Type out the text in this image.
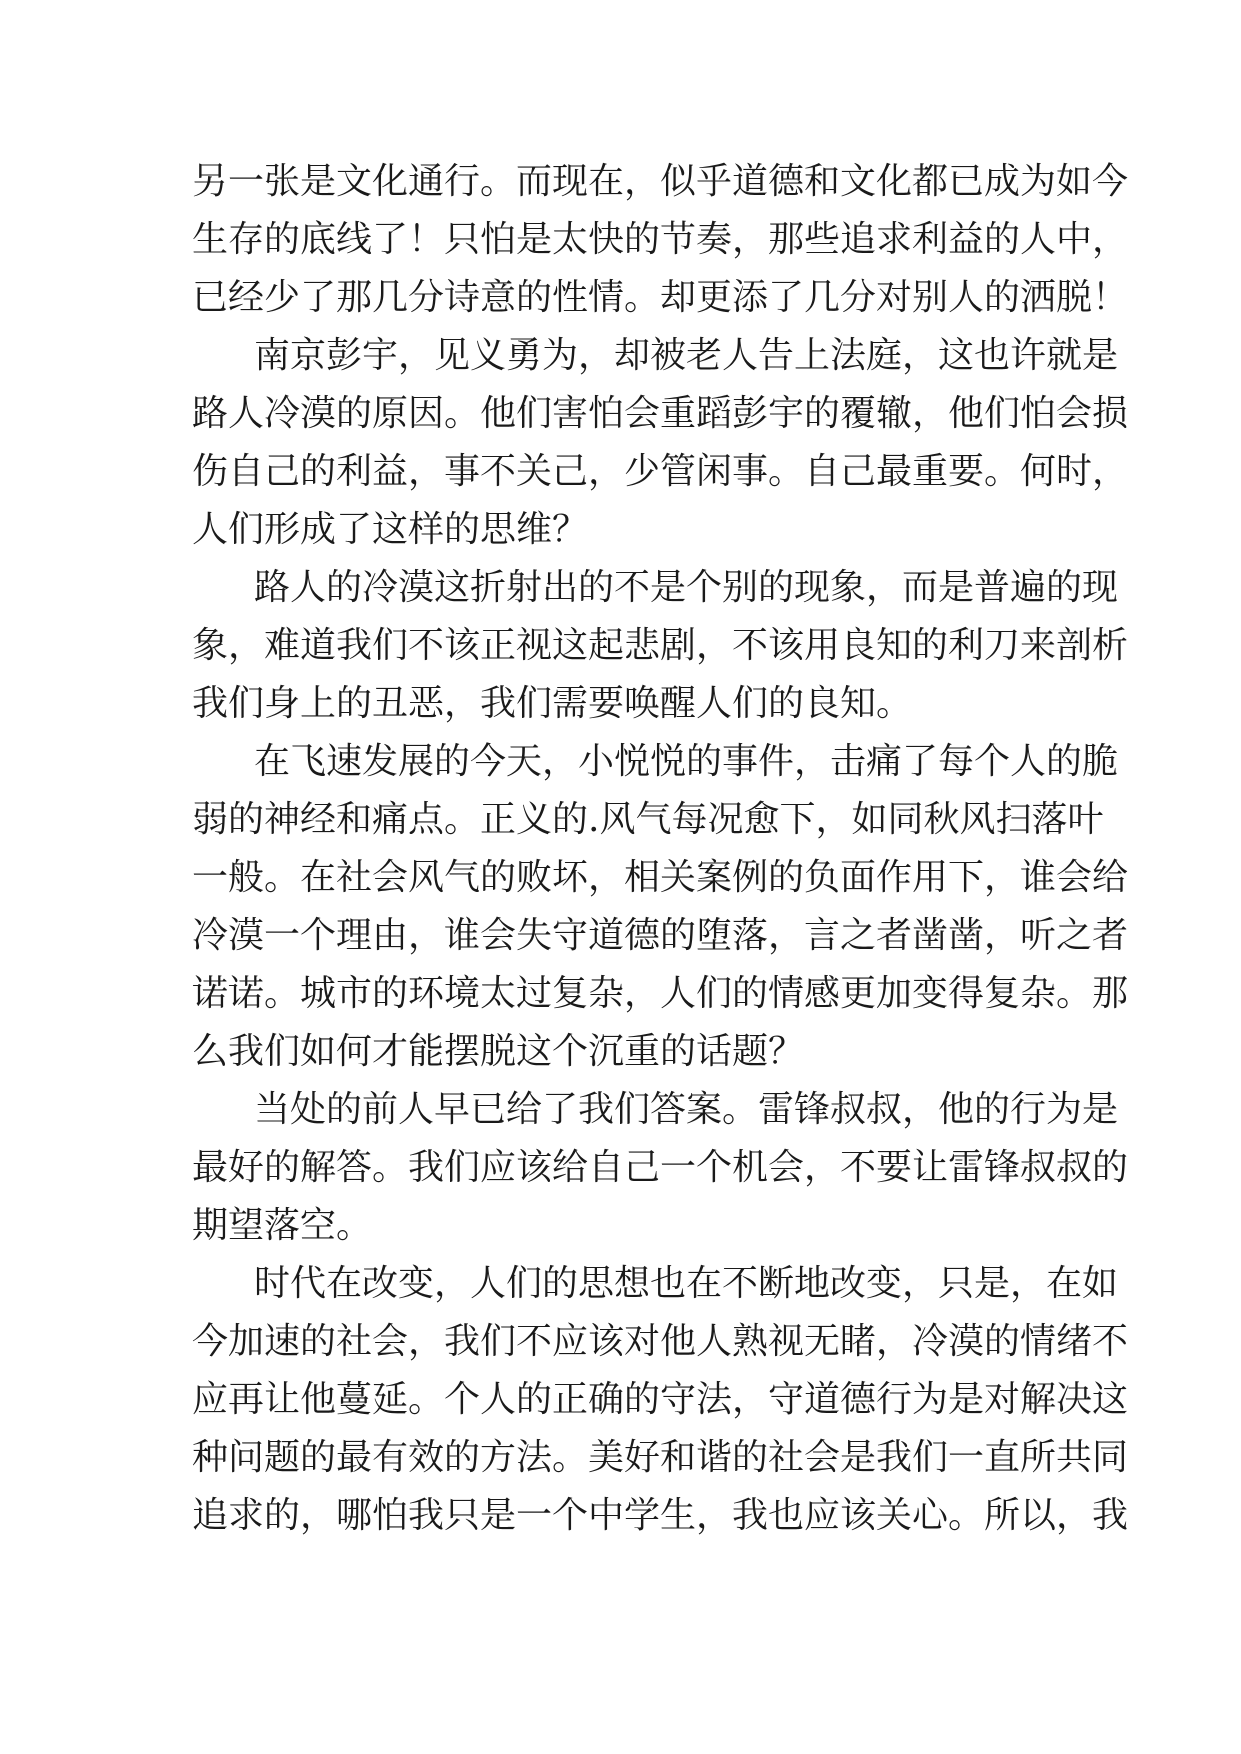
另一张是文化通行。而现在，似乎道德和文化都已成为如今
生存的底线了！只怕是太快的节奏，那些追求利益的人中，
已经少了那几分诗意的性情。却更添了几分对别人的洒脱！
南京彭宇，见义勇为，却被老人告上法庭，这也许就是
路人冷漠的原因。他们害怕会重蹈彭宇的覆辙，他们怕会损
伤自己的利益，事不关己，少管闲事。自己最重要。何时，
人们形成了这样的思维？
路人的冷漠这折射出的不是个别的现象，而是普遍的现
象，难道我们不该正视这起悲剧，不该用良知的利刀来剖析
我们身上的丑恶，我们需要唤醒人们的良知。
在飞速发展的今天，小悦悦的事件，击痛了每个人的脆
弱的神经和痛点。正义的.风气每况愈下，如同秋风扫落叶
一般。在社会风气的败坏，相关案例的负面作用下，谁会给
冷漠一个理由，谁会失守道德的堕落，言之者凿凿，听之者
诺诺。城市的环境太过复杂，人们的情感更加变得复杂。那
么我们如何才能摆脱这个沉重的话题？
当处的前人早已给了我们答案。雷锋叔叔，他的行为是
最好的解答。我们应该给自己一个机会，不要让雷锋叔叔的
期望落空。
时代在改变，人们的思想也在不断地改变，只是，在如
今加速的社会，我们不应该对他人熟视无睹，冷漠的情绪不
应再让他蔓延。个人的正确的守法，守道德行为是对解决这
种问题的最有效的方法。美好和谐的社会是我们一直所共同
追求的，哪怕我只是一个中学生，我也应该关心。所以，我
